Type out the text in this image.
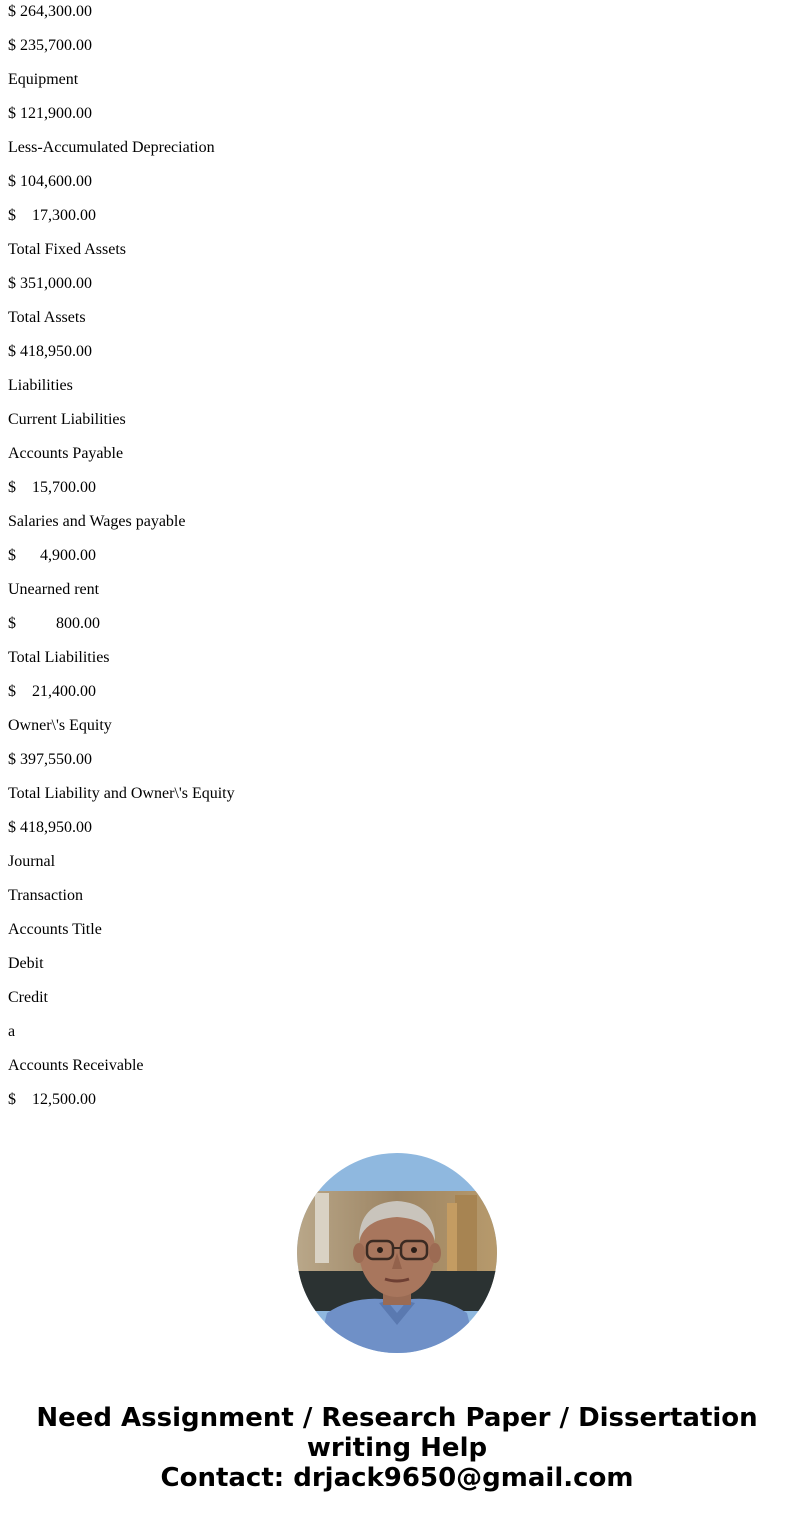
$ 264,300.00

$ 235,700.00

Equipment

$ 121,900.00

Less-Accumulated Depreciation

$ 104,600.00

$    17,300.00

Total Fixed Assets

$ 351,000.00

Total Assets

$ 418,950.00

Liabilities

Current Liabilities

Accounts Payable

$    15,700.00

Salaries and Wages payable

$      4,900.00

Unearned rent

$          800.00

Total Liabilities

$    21,400.00

Owner\'s Equity

$ 397,550.00

Total Liability and Owner\'s Equity

$ 418,950.00

Journal

Transaction

Accounts Title

Debit

Credit

a

Accounts Receivable

$    12,500.00

Need Assignment / Research Paper / Dissertation
writing Help
Contact: drjack9650@gmail.com
